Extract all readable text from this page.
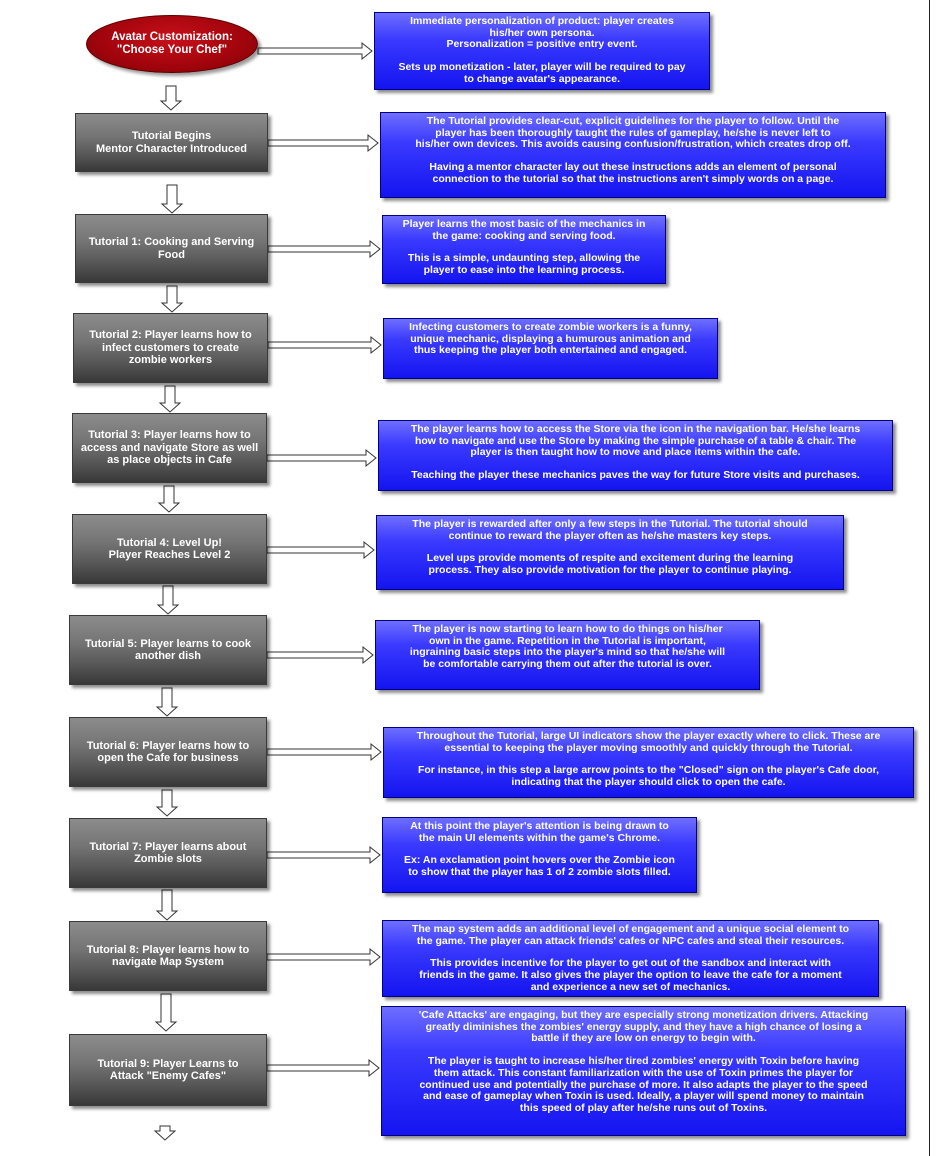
Avatar Customization:
"Choose Your Chef"
Tutorial Begins
Mentor Character Introduced
Tutorial 1: Cooking and Serving
Food
Tutorial 2: Player learns how to
infect customers to create
zombie workers
Tutorial 3: Player learns how to
access and navigate Store as well
as place objects in Cafe
Tutorial 4: Level Up!
Player Reaches Level 2
Tutorial 5: Player learns to cook
another dish
Tutorial 6: Player learns how to
open the Cafe for business
Tutorial 7: Player learns about
Zombie slots
Tutorial 8: Player learns how to
navigate Map System
Tutorial 9: Player Learns to
Attack "Enemy Cafes"

Immediate personalization of product: player creates
his/her own persona.
Personalization = positive entry event.

Sets up monetization - later, player will be required to pay
to change avatar's appearance.

The Tutorial provides clear-cut, explicit guidelines for the player to follow. Until the
player has been thoroughly taught the rules of gameplay, he/she is never left to
his/her own devices. This avoids causing confusion/frustration, which creates drop off.

Having a mentor character lay out these instructions adds an element of personal
connection to the tutorial so that the instructions aren't simply words on a page.

Player learns the most basic of the mechanics in
the game: cooking and serving food.

This is a simple, undaunting step, allowing the
player to ease into the learning process.

Infecting customers to create zombie workers is a funny,
unique mechanic, displaying a humurous animation and
thus keeping the player both entertained and engaged.

The player learns how to access the Store via the icon in the navigation bar. He/she learns
how to navigate and use the Store by making the simple purchase of a table & chair. The
player is then taught how to move and place items within the cafe.

Teaching the player these mechanics paves the way for future Store visits and purchases.

The player is rewarded after only a few steps in the Tutorial. The tutorial should
continue to reward the player often as he/she masters key steps.

Level ups provide moments of respite and excitement during the learning
process. They also provide motivation for the player to continue playing.

The player is now starting to learn how to do things on his/her
own in the game. Repetition in the Tutorial is important,
ingraining basic steps into the player's mind so that he/she will
be comfortable carrying them out after the tutorial is over.

Throughout the Tutorial, large UI indicators show the player exactly where to click. These are
essential to keeping the player moving smoothly and quickly through the Tutorial.

For instance, in this step a large arrow points to the "Closed" sign on the player's Cafe door,
indicating that the player should click to open the cafe.

At this point the player's attention is being drawn to
the main UI elements within the game's Chrome.

Ex: An exclamation point hovers over the Zombie icon
to show that the player has 1 of 2 zombie slots filled.

The map system adds an additional level of engagement and a unique social element to
the game. The player can attack friends' cafes or NPC cafes and steal their resources.

This provides incentive for the player to get out of the sandbox and interact with
friends in the game. It also gives the player the option to leave the cafe for a moment
and experience a new set of mechanics.

'Cafe Attacks' are engaging, but they are especially strong monetization drivers. Attacking
greatly diminishes the zombies' energy supply, and they have a high chance of losing a
battle if they are low on energy to begin with.

The player is taught to increase his/her tired zombies' energy with Toxin before having
them attack. This constant familiarization with the use of Toxin primes the player for
continued use and potentially the purchase of more. It also adapts the player to the speed
and ease of gameplay when Toxin is used. Ideally, a player will spend money to maintain
this speed of play after he/she runs out of Toxins.
